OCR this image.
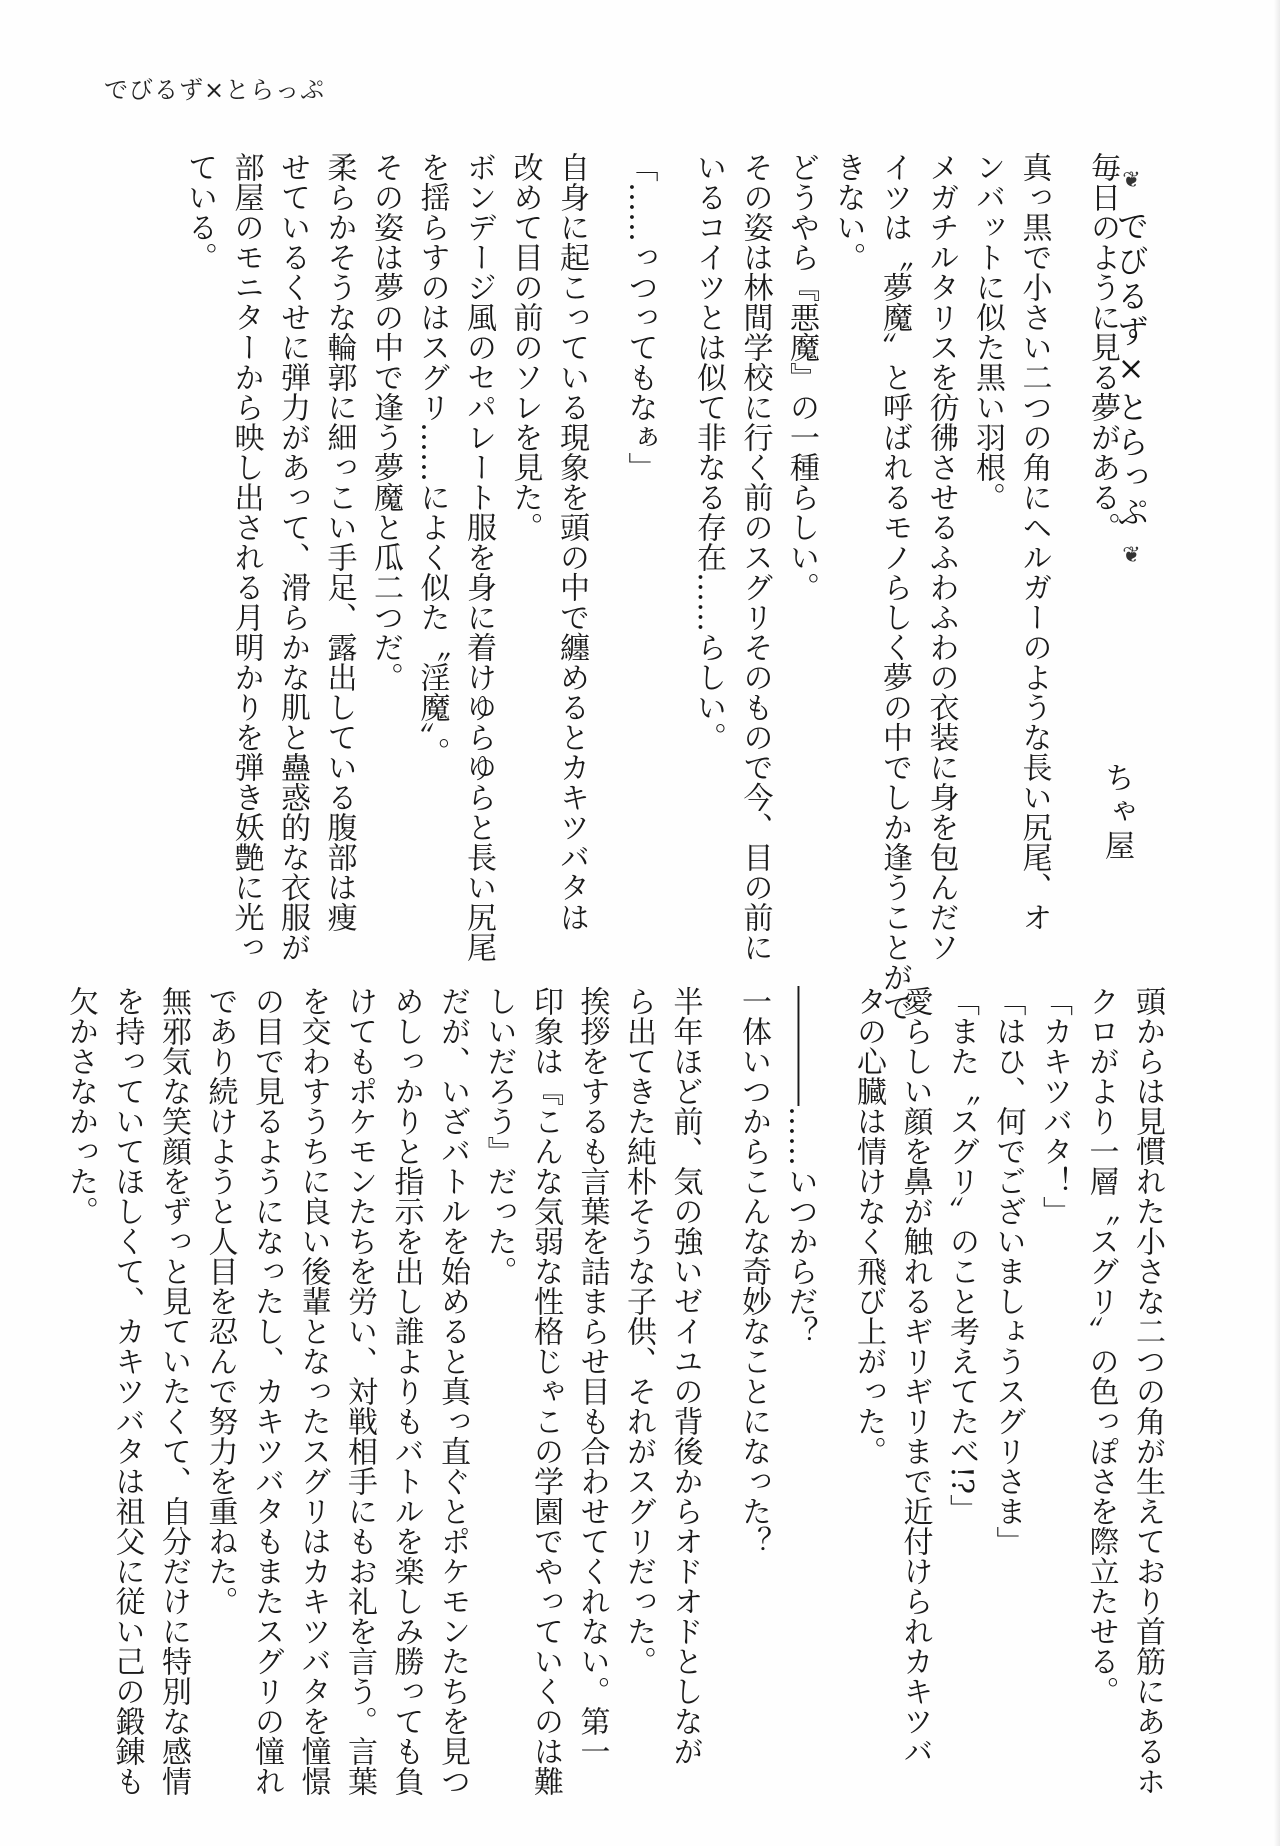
でびるず×とらっぷ
❦ でびるず×とらっぷ ❦
ちゃ屋
毎日のように見る夢がある。
真っ黒で小さい二つの角にヘルガーのような長い尻尾、オ
ンバットに似た黒い羽根。
メガチルタリスを彷彿させるふわふわの衣装に身を包んだソ
イツは〝夢魔〟と呼ばれるモノらしく夢の中でしか逢うことがで
きない。
どうやら『悪魔』の一種らしい。
その姿は林間学校に行く前のスグリそのもので今、目の前に
いるコイツとは似て非なる存在……らしい。
「……っつってもなぁ」
自身に起こっている現象を頭の中で纏めるとカキツバタは
改めて目の前のソレを見た。
ボンデージ風のセパレート服を身に着けゆらゆらと長い尻尾
を揺らすのはスグリ……によく似た〝淫魔〟。
その姿は夢の中で逢う夢魔と瓜二つだ。
柔らかそうな輪郭に細っこい手足、露出している腹部は痩
せているくせに弾力があって、滑らかな肌と蠱惑的な衣服が
部屋のモニターから映し出される月明かりを弾き妖艶に光っ
ている。
頭からは見慣れた小さな二つの角が生えており首筋にあるホ
クロがより一層〝スグリ〟の色っぽさを際立たせる。
「カキツバタ！」
「はひ、何でございましょうスグリさま」
「また〝スグリ〟のこと考えてたべ!?」
愛らしい顔を鼻が触れるギリギリまで近付けられカキツバ
タの心臓は情けなく飛び上がった。
――――……いつからだ？
一体いつからこんな奇妙なことになった？
半年ほど前、気の強いゼイユの背後からオドオドとしなが
ら出てきた純朴そうな子供、それがスグリだった。
挨拶をするも言葉を詰まらせ目も合わせてくれない。第一
印象は『こんな気弱な性格じゃこの学園でやっていくのは難
しいだろう』だった。
だが、いざバトルを始めると真っ直ぐとポケモンたちを見つ
めしっかりと指示を出し誰よりもバトルを楽しみ勝っても負
けてもポケモンたちを労い、対戦相手にもお礼を言う。言葉
を交わすうちに良い後輩となったスグリはカキツバタを憧憬
の目で見るようになったし、カキツバタもまたスグリの憧れ
であり続けようと人目を忍んで努力を重ねた。
無邪気な笑顔をずっと見ていたくて、自分だけに特別な感情
を持っていてほしくて、カキツバタは祖父に従い己の鍛錬も
欠かさなかった。
